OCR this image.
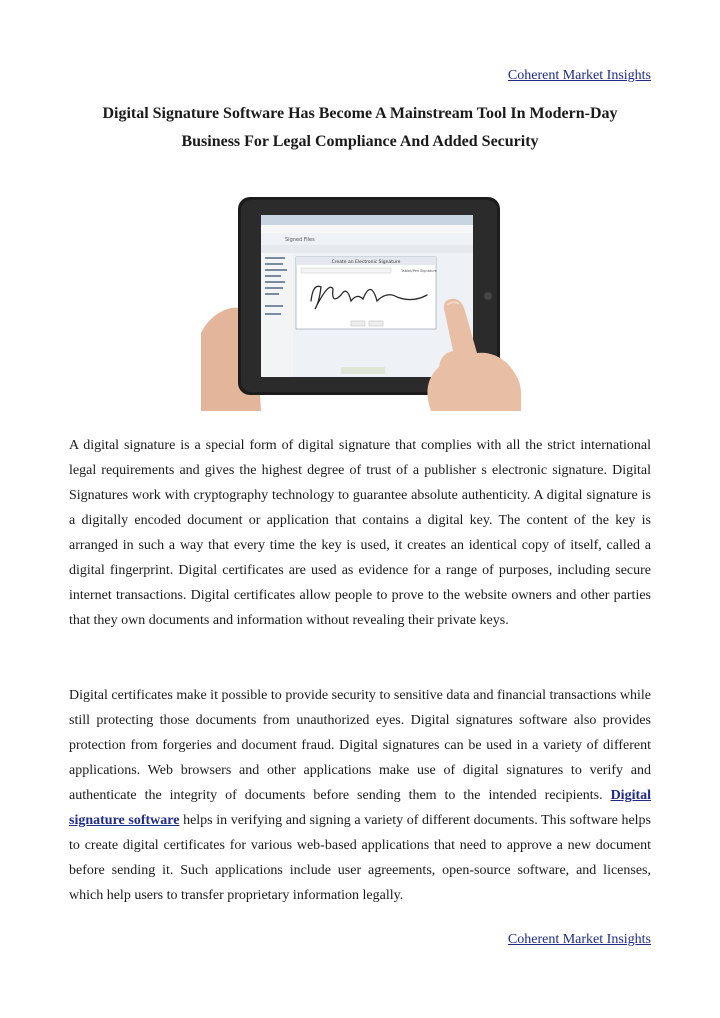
Coherent Market Insights
Digital Signature Software Has Become A Mainstream Tool In Modern-Day
Business For Legal Compliance And Added Security
Signed Files
Create an Electronic Signature
Tablet/Pen Signature
A digital signature is a special form of digital signature that complies with all the strict international legal requirements and gives the highest degree of trust of a publisher s electronic signature. Digital Signatures work with cryptography technology to guarantee absolute authenticity. A digital signature is a digitally encoded document or application that contains a digital key. The content of the key is arranged in such a way that every time the key is used, it creates an identical copy of itself, called a digital fingerprint. Digital certificates are used as evidence for a range of purposes, including secure internet transactions. Digital certificates allow people to prove to the website owners and other parties that they own documents and information without revealing their private keys.
Digital certificates make it possible to provide security to sensitive data and financial transactions while still protecting those documents from unauthorized eyes. Digital signatures software also provides protection from forgeries and document fraud. Digital signatures can be used in a variety of different applications. Web browsers and other applications make use of digital signatures to verify and authenticate the integrity of documents before sending them to the intended recipients. Digital signature software helps in verifying and signing a variety of different documents. This software helps to create digital certificates for various web-based applications that need to approve a new document before sending it. Such applications include user agreements, open-source software, and licenses, which help users to transfer proprietary information legally.
Coherent Market Insights
